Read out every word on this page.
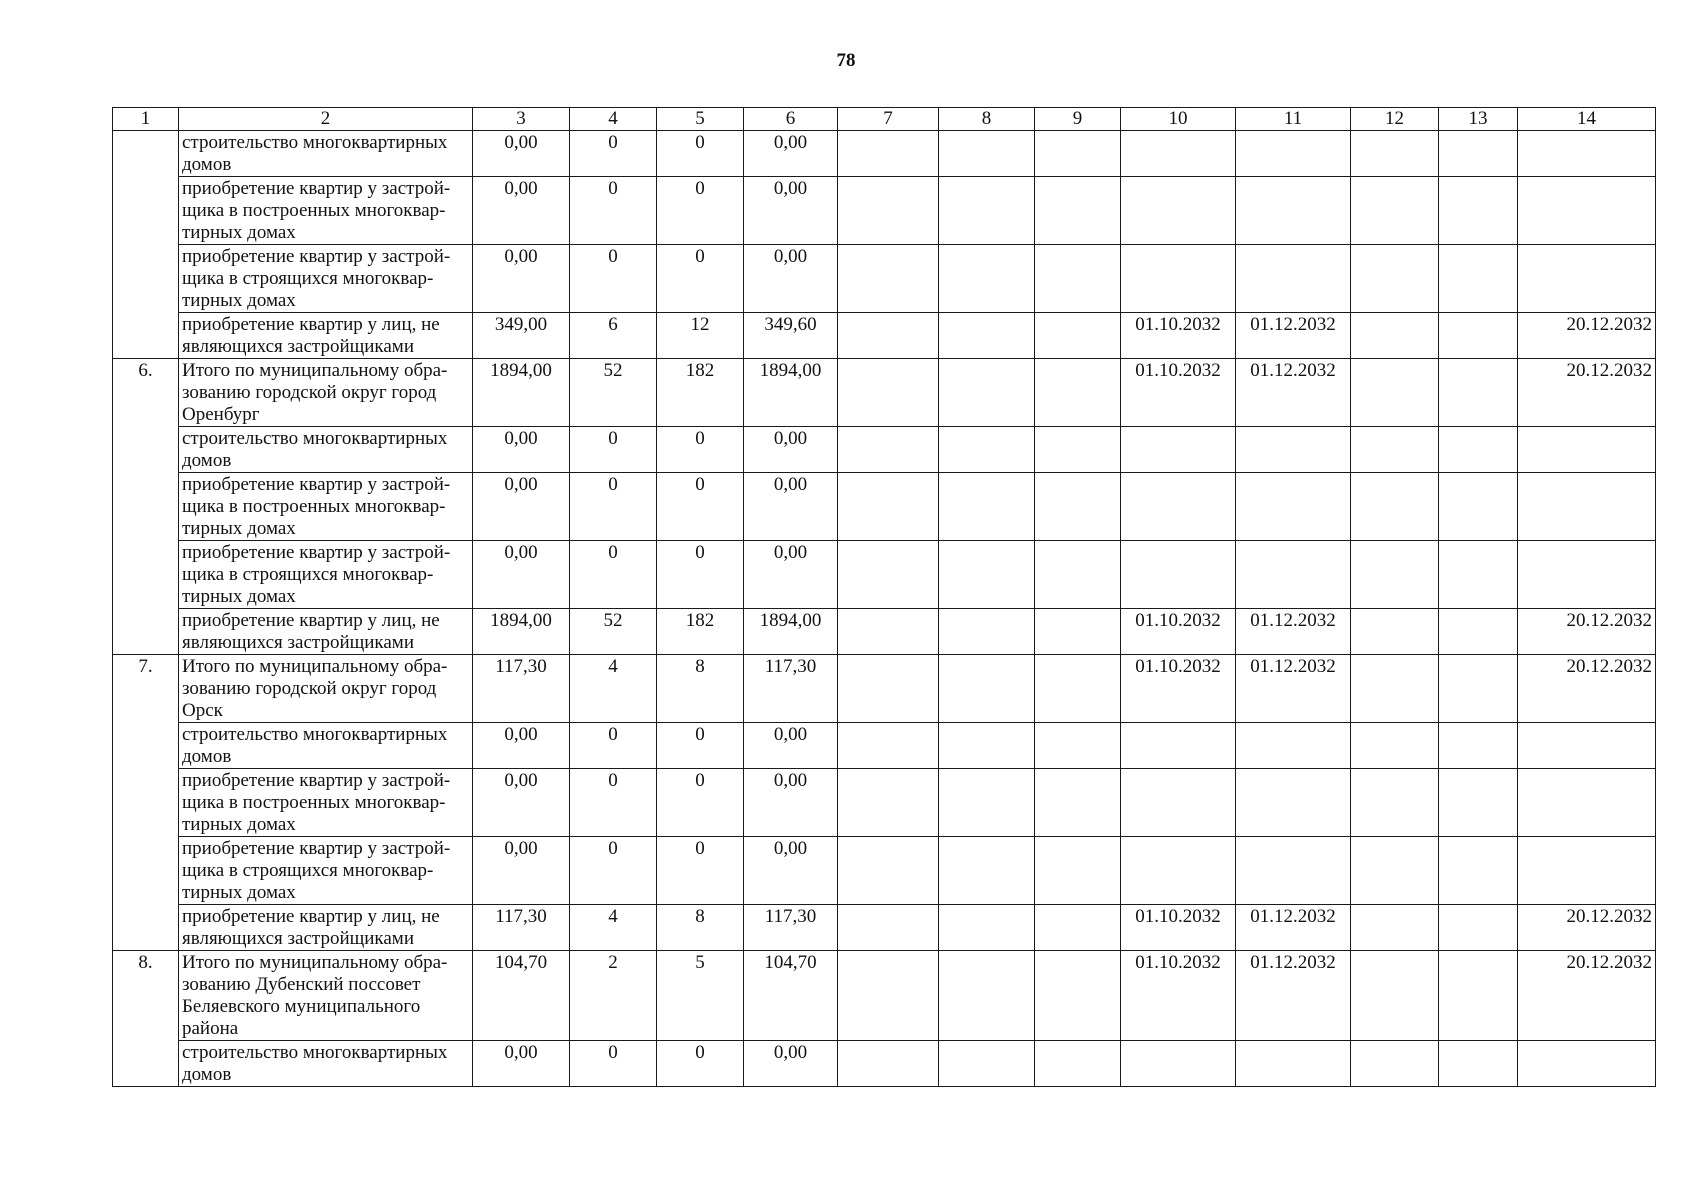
78
1	2	3	4	5	6	7	8	9	10	11	12	13	14
	строительство многоквартирных домов	0,00	0	0	0,00								
	приобретение квартир у застрой-щика в построенных многоквар-тирных домах	0,00	0	0	0,00								
	приобретение квартир у застрой-щика в строящихся многоквар-тирных домах	0,00	0	0	0,00								
	приобретение квартир у лиц, не являющихся застройщиками	349,00	6	12	349,60				01.10.2032	01.12.2032			20.12.2032
6.	Итого по муниципальному обра-зованию городской округ город Оренбург	1894,00	52	182	1894,00				01.10.2032	01.12.2032			20.12.2032
	строительство многоквартирных домов	0,00	0	0	0,00								
	приобретение квартир у застрой-щика в построенных многоквар-тирных домах	0,00	0	0	0,00								
	приобретение квартир у застрой-щика в строящихся многоквар-тирных домах	0,00	0	0	0,00								
	приобретение квартир у лиц, не являющихся застройщиками	1894,00	52	182	1894,00				01.10.2032	01.12.2032			20.12.2032
7.	Итого по муниципальному обра-зованию городской округ город Орск	117,30	4	8	117,30				01.10.2032	01.12.2032			20.12.2032
	строительство многоквартирных домов	0,00	0	0	0,00								
	приобретение квартир у застрой-щика в построенных многоквар-тирных домах	0,00	0	0	0,00								
	приобретение квартир у застрой-щика в строящихся многоквар-тирных домах	0,00	0	0	0,00								
	приобретение квартир у лиц, не являющихся застройщиками	117,30	4	8	117,30				01.10.2032	01.12.2032			20.12.2032
8.	Итого по муниципальному обра-зованию Дубенский поссовет Беляевского муниципального района	104,70	2	5	104,70				01.10.2032	01.12.2032			20.12.2032
	строительство многоквартирных домов	0,00	0	0	0,00								
